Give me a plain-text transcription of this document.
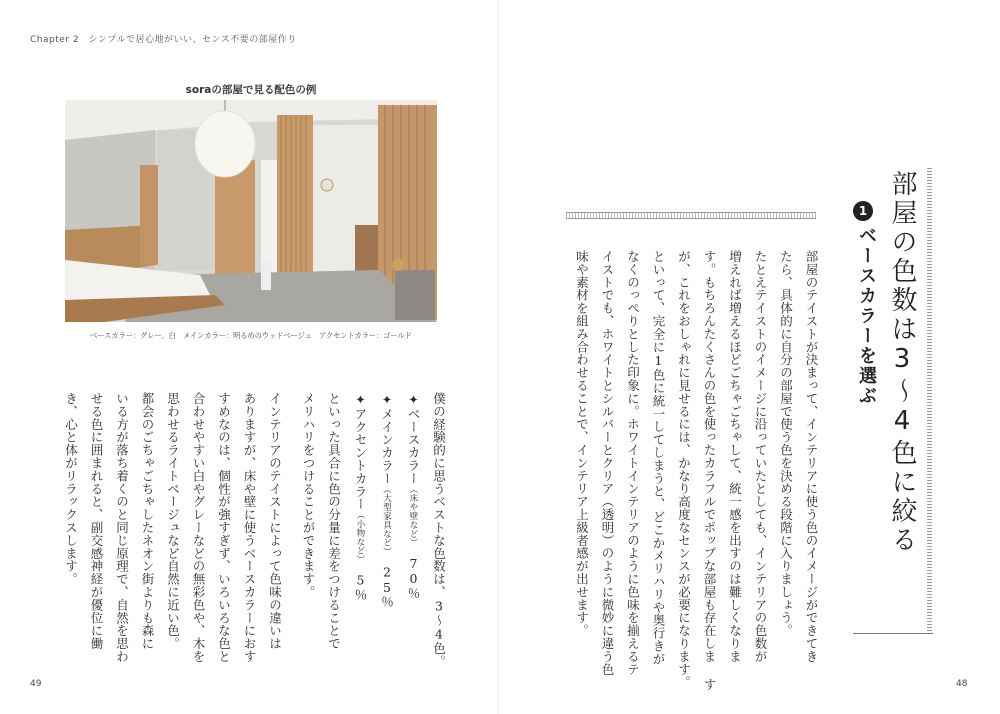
Chapter 2　シンプルで居心地がいい、センス不要の部屋作り
soraの部屋で見る配色の例
ベースカラー：グレー、白　メインカラー：明るめのウッドベージュ　アクセントカラー：ゴールド

僕の経験的に思うベストな色数は、3〜4色。

✦ベースカラー（床や壁など）　70％

✦メインカラー（大型家具など）　25％

✦アクセントカラー（小物など）　5％

といった具合に色の分量に差をつけることで

メリハリをつけることができます。

インテリアのテイストによって色味の違いは

ありますが、床や壁に使うベースカラーにおす

すめなのは、個性が強すぎず、いろいろな色と

合わせやすい白やグレーなどの無彩色や、木を

思わせるライトベージュなど自然に近い色。

都会のごちゃごちゃしたネオン街よりも森に

いる方が落ち着くのと同じ原理で、自然を思わ

せる色に囲まれると、副交感神経が優位に働

き、心と体がリラックスします。	部屋の色数は3〜4色に絞る
1
ベースカラーを選ぶ

部屋のテイストが決まって、インテリアに使う色のイメージができてき

たら、具体的に自分の部屋で使う色を決める段階に入りましょう。

たとえテイストのイメージに沿っていたとしても、インテリアの色数が

増えれば増えるほどごちゃごちゃして、統一感を出すのは難しくなりま

す。もちろんたくさんの色を使ったカラフルでポップな部屋も存在しま す

が、これをおしゃれに見せるには、かなり高度なセンスが必要になります。

といって、完全に1色に統一してしまうと、どこかメリハリや奥行きが

なくのっぺりとした印象に。ホワイトインテリアのように色味を揃えるテ

イストでも、ホワイトとシルバーとクリア（透明）のように微妙に違う色

味や素材を組み合わせることで、インテリア上級者感が出せます。

49	48
